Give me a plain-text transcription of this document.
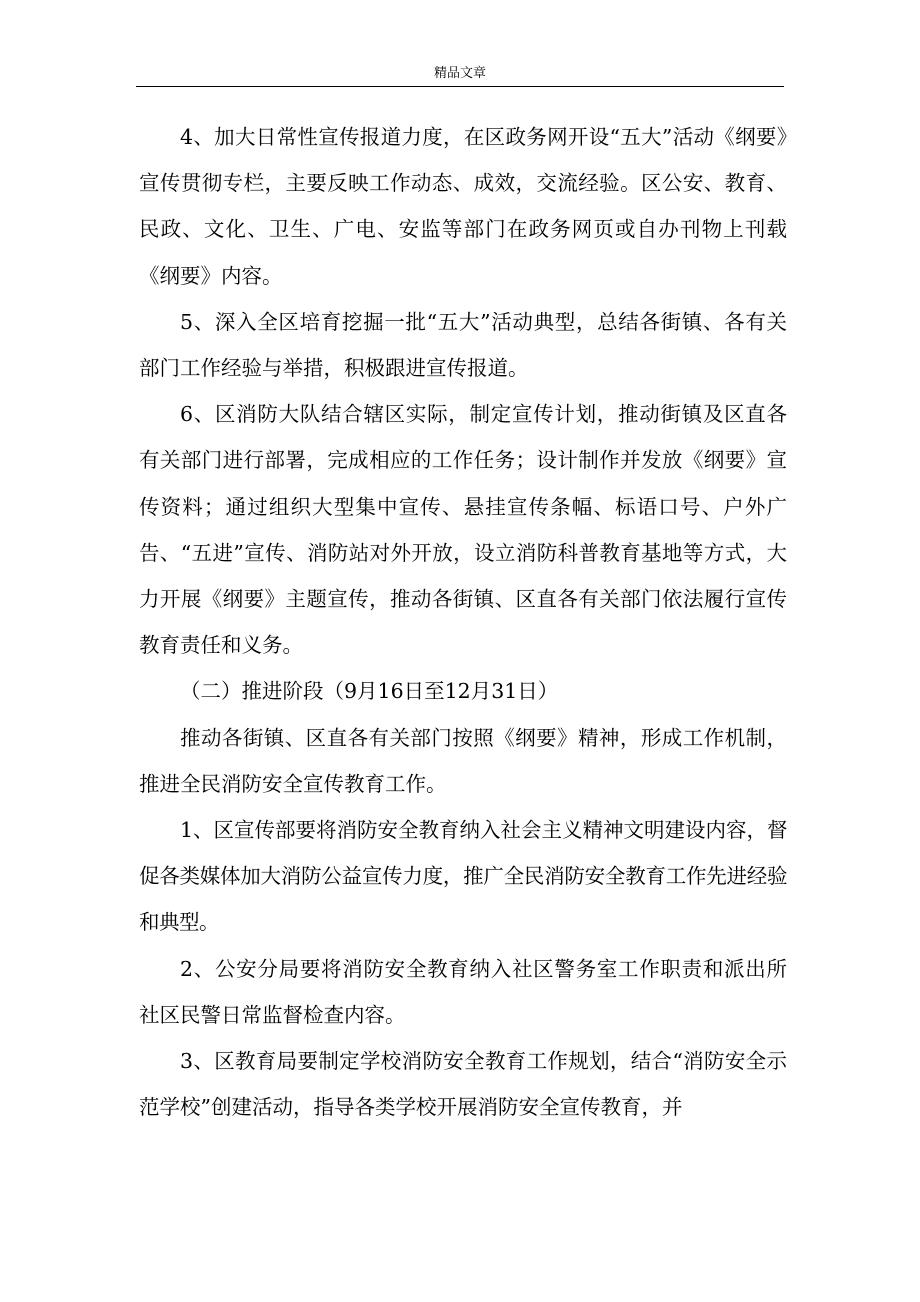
精品文章

4、加大日常性宣传报道力度，在区政务网开设“五大”活动《纲要》宣传贯彻专栏，主要反映工作动态、成效，交流经验。区公安、教育、民政、文化、卫生、广电、安监等部门在政务网页或自办刊物上刊载《纲要》内容。

5、深入全区培育挖掘一批“五大”活动典型，总结各街镇、各有关部门工作经验与举措，积极跟进宣传报道。

6、区消防大队结合辖区实际，制定宣传计划，推动街镇及区直各有关部门进行部署，完成相应的工作任务；设计制作并发放《纲要》宣传资料；通过组织大型集中宣传、悬挂宣传条幅、标语口号、户外广告、“五进”宣传、消防站对外开放，设立消防科普教育基地等方式，大力开展《纲要》主题宣传，推动各街镇、区直各有关部门依法履行宣传教育责任和义务。

（二）推进阶段（9月16日至12月31日）

推动各街镇、区直各有关部门按照《纲要》精神，形成工作机制，推进全民消防安全宣传教育工作。

1、区宣传部要将消防安全教育纳入社会主义精神文明建设内容，督促各类媒体加大消防公益宣传力度，推广全民消防安全教育工作先进经验和典型。

2、公安分局要将消防安全教育纳入社区警务室工作职责和派出所社区民警日常监督检查内容。

3、区教育局要制定学校消防安全教育工作规划，结合“消防安全示范学校”创建活动，指导各类学校开展消防安全宣传教育，并
